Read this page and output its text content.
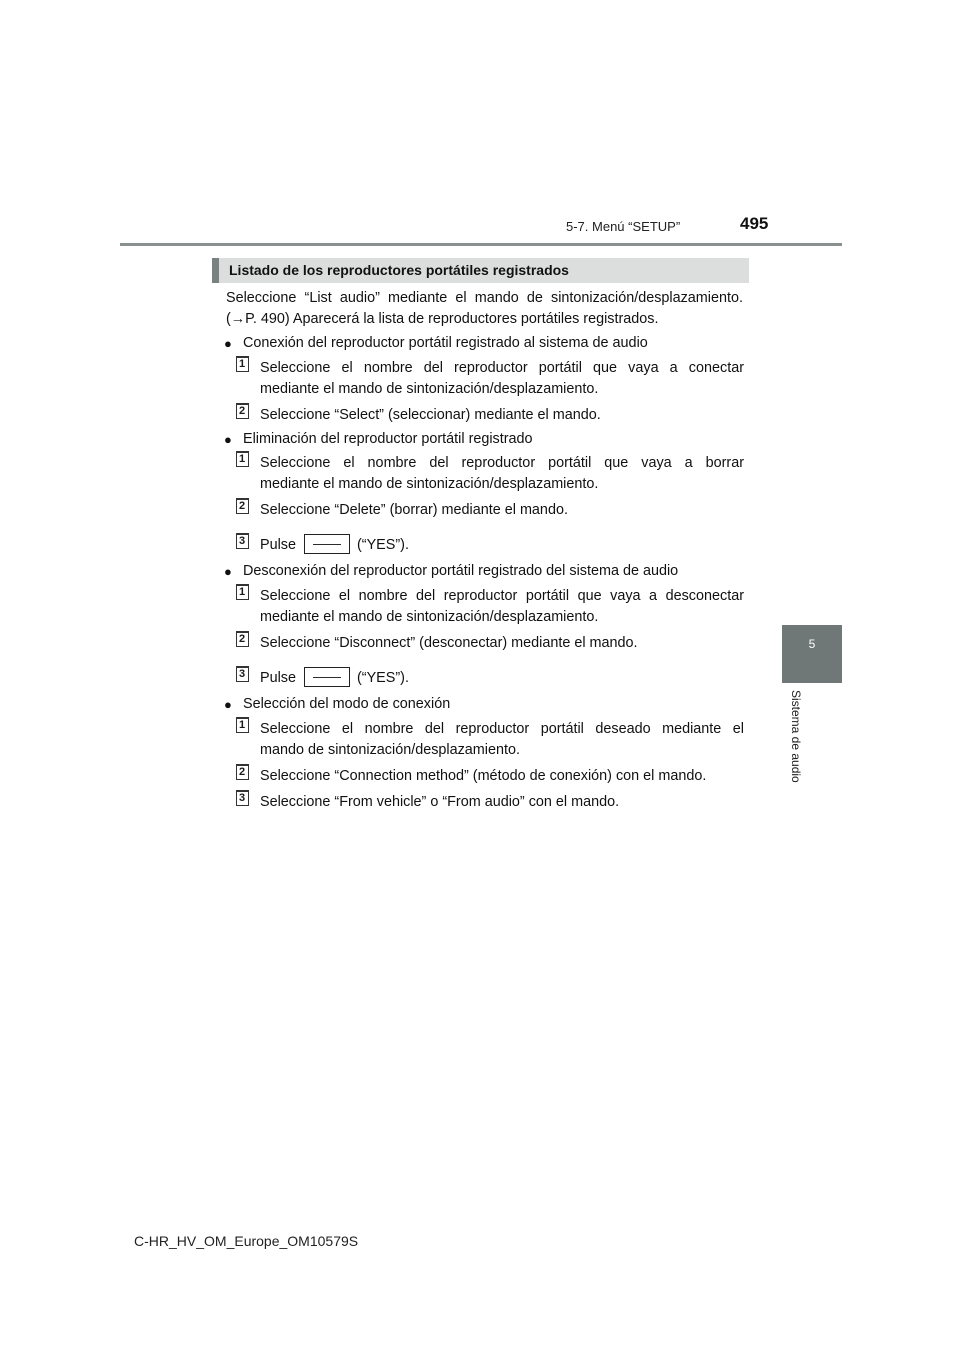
5-7. Menú “SETUP”	495
5
Sistema de audio
Listado de los reproductores portátiles registrados
Seleccione “List audio” mediante el mando de sintonización/desplazamiento.
(→P. 490) Aparecerá la lista de reproductores portátiles registrados.
● Conexión del reproductor portátil registrado al sistema de audio
1 Seleccione el nombre del reproductor portátil que vaya a conectar
mediante el mando de sintonización/desplazamiento.
2 Seleccione “Select” (seleccionar) mediante el mando.
● Eliminación del reproductor portátil registrado
1 Seleccione el nombre del reproductor portátil que vaya a borrar
mediante el mando de sintonización/desplazamiento.
2 Seleccione “Delete” (borrar) mediante el mando.
3 Pulse	——	(“YES”).
● Desconexión del reproductor portátil registrado del sistema de audio
1 Seleccione el nombre del reproductor portátil que vaya a desconectar
mediante el mando de sintonización/desplazamiento.
2 Seleccione “Disconnect” (desconectar) mediante el mando.
3 Pulse	——	(“YES”).
● Selección del modo de conexión
1 Seleccione el nombre del reproductor portátil deseado mediante el
mando de sintonización/desplazamiento.
2 Seleccione “Connection method” (método de conexión) con el mando.
3 Seleccione “From vehicle” o “From audio” con el mando.
C-HR_HV_OM_Europe_OM10579S
